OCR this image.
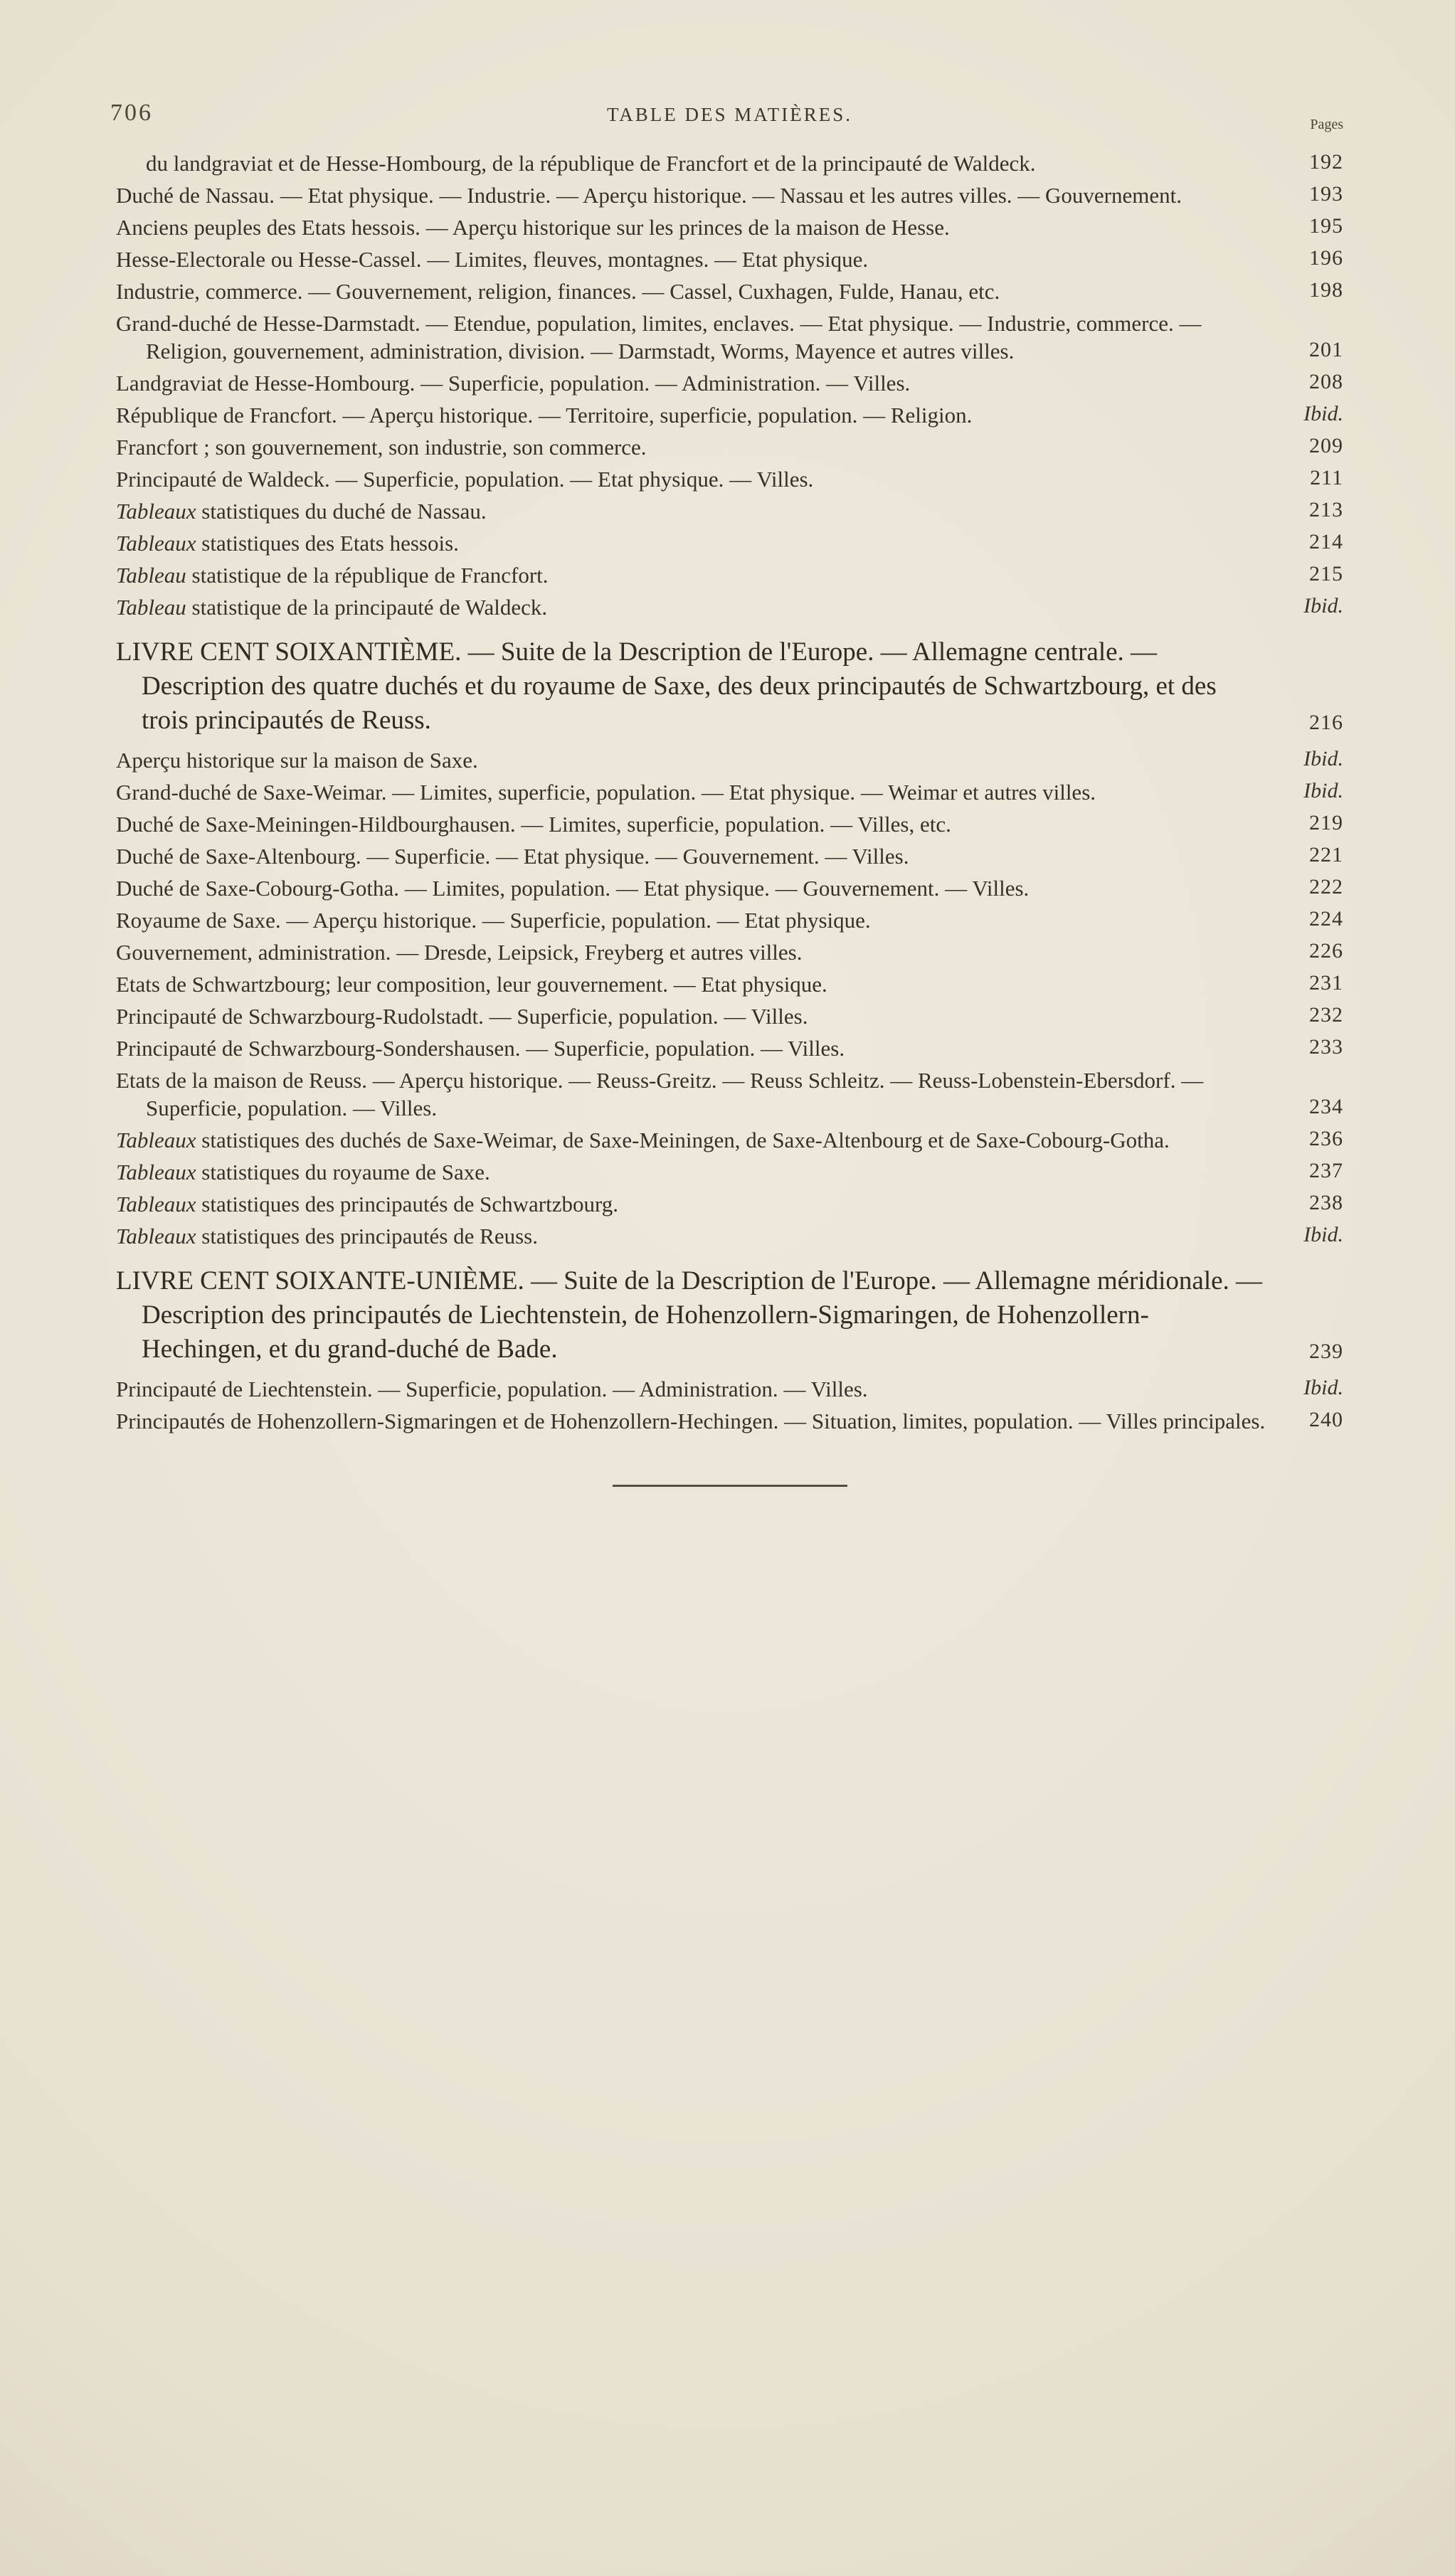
706	TABLE DES MATIÈRES.	Pages
du landgraviat et de Hesse-Hombourg, de la république de Francfort et de la principauté de Waldeck.	192
Duché de Nassau. — Etat physique. — Industrie. — Aperçu historique. — Nassau et les autres villes. — Gouvernement.	193
Anciens peuples des Etats hessois. — Aperçu historique sur les princes de la maison de Hesse.	195
Hesse-Electorale ou Hesse-Cassel. — Limites, fleuves, montagnes. — Etat physique.	196
Industrie, commerce. — Gouvernement, religion, finances. — Cassel, Cuxhagen, Fulde, Hanau, etc.	198
Grand-duché de Hesse-Darmstadt. — Etendue, population, limites, enclaves. — Etat physique. — Industrie, commerce. — Religion, gouvernement, administration, division. — Darmstadt, Worms, Mayence et autres villes.	201
Landgraviat de Hesse-Hombourg. — Superficie, population. — Administration. — Villes.	208
République de Francfort. — Aperçu historique. — Territoire, superficie, population. — Religion.	Ibid.
Francfort ; son gouvernement, son industrie, son commerce.	209
Principauté de Waldeck. — Superficie, population. — Etat physique. — Villes.	211
Tableaux statistiques du duché de Nassau.	213
Tableaux statistiques des Etats hessois.	214
Tableau statistique de la république de Francfort.	215
Tableau statistique de la principauté de Waldeck.	Ibid.
LIVRE CENT SOIXANTIÈME. — Suite de la Description de l'Europe. — Allemagne centrale. — Description des quatre duchés et du royaume de Saxe, des deux principautés de Schwartzbourg, et des trois principautés de Reuss.	216
Aperçu historique sur la maison de Saxe.	Ibid.
Grand-duché de Saxe-Weimar. — Limites, superficie, population. — Etat physique. — Weimar et autres villes.	Ibid.
Duché de Saxe-Meiningen-Hildbourghausen. — Limites, superficie, population. — Villes, etc.	219
Duché de Saxe-Altenbourg. — Superficie. — Etat physique. — Gouvernement. — Villes.	221
Duché de Saxe-Cobourg-Gotha. — Limites, population. — Etat physique. — Gouvernement. — Villes.	222
Royaume de Saxe. — Aperçu historique. — Superficie, population. — Etat physique.	224
Gouvernement, administration. — Dresde, Leipsick, Freyberg et autres villes.	226
Etats de Schwartzbourg; leur composition, leur gouvernement. — Etat physique.	231
Principauté de Schwarzbourg-Rudolstadt. — Superficie, population. — Villes.	232
Principauté de Schwarzbourg-Sondershausen. — Superficie, population. — Villes.	233
Etats de la maison de Reuss. — Aperçu historique. — Reuss-Greitz. — Reuss Schleitz. — Reuss-Lobenstein-Ebersdorf. — Superficie, population. — Villes.	234
Tableaux statistiques des duchés de Saxe-Weimar, de Saxe-Meiningen, de Saxe-Altenbourg et de Saxe-Cobourg-Gotha.	236
Tableaux statistiques du royaume de Saxe.	237
Tableaux statistiques des principautés de Schwartzbourg.	238
Tableaux statistiques des principautés de Reuss.	Ibid.
LIVRE CENT SOIXANTE-UNIÈME. — Suite de la Description de l'Europe. — Allemagne méridionale. — Description des principautés de Liechtenstein, de Hohenzollern-Sigmaringen, de Hohenzollern-Hechingen, et du grand-duché de Bade.	239
Principauté de Liechtenstein. — Superficie, population. — Administration. — Villes.	Ibid.
Principautés de Hohenzollern-Sigmaringen et de Hohenzollern-Hechingen. — Situation, limites, population. — Villes principales. 240
